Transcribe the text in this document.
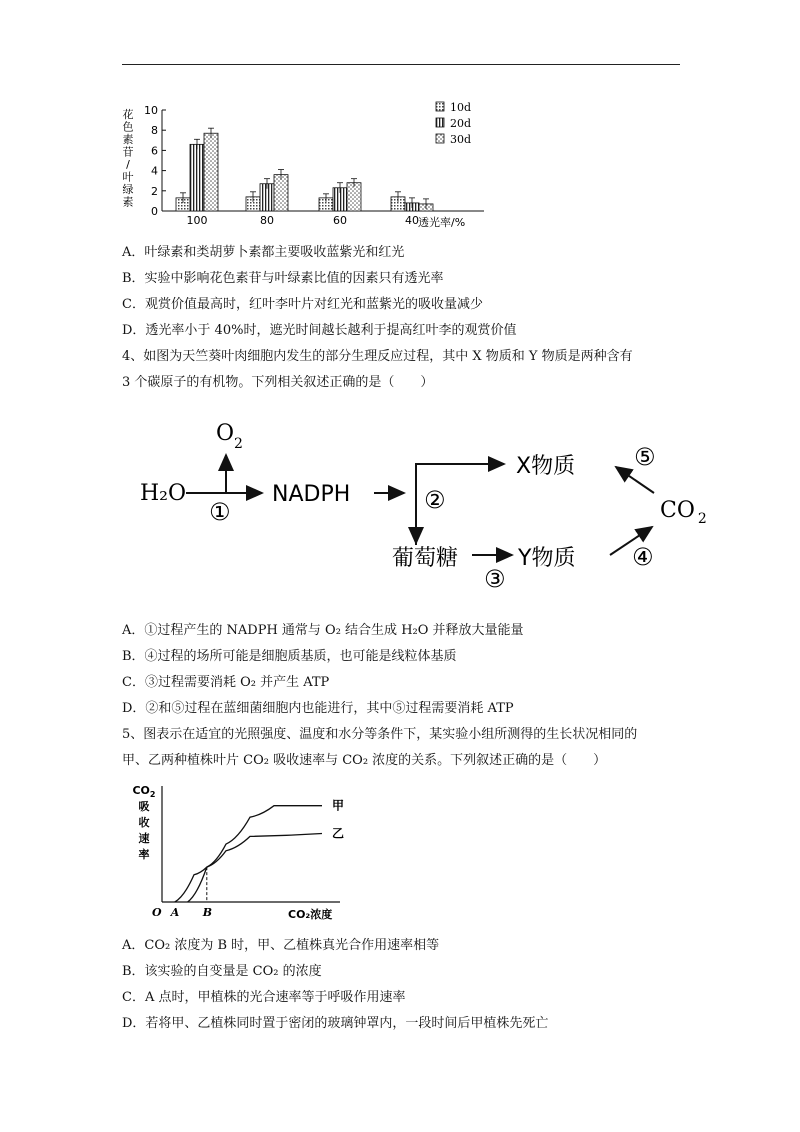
0
2
4
6
8
10
花色素苷/叶绿素
透光率/%
100	80	60	40
10d
20d
30d
A．叶绿素和类胡萝卜素都主要吸收蓝紫光和红光
B．实验中影响花色素苷与叶绿素比值的因素只有透光率
C．观赏价值最高时，红叶李叶片对红光和蓝紫光的吸收量减少
D．透光率小于 40%时，遮光时间越长越利于提高红叶李的观赏价值
4、如图为天竺葵叶肉细胞内发生的部分生理反应过程，其中 X 物质和 Y 物质是两种含有
3 个碳原子的有机物。下列相关叙述正确的是（　　）
H₂O
$O_2$
①
NADPH	②
X物质
葡萄糖
③
Y物质
CO $_2$
⑤
④
A．①过程产生的 NADPH 通常与 O₂ 结合生成 H₂O 并释放大量能量
B．④过程的场所可能是细胞质基质，也可能是线粒体基质
C．③过程需要消耗 O₂ 并产生 ATP
D．②和⑤过程在蓝细菌细胞内也能进行，其中⑤过程需要消耗 ATP
5、图表示在适宜的光照强度、温度和水分等条件下，某实验小组所测得的生长状况相同的
甲、乙两种植株叶片 CO₂ 吸收速率与 CO₂ 浓度的关系。下列叙述正确的是（　　）
$CO_2$ 吸收速率
CO₂浓度
O
甲
乙
A B
A．CO₂ 浓度为 B 时，甲、乙植株真光合作用速率相等
B．该实验的自变量是 CO₂ 的浓度
C．A 点时，甲植株的光合速率等于呼吸作用速率
D．若将甲、乙植株同时置于密闭的玻璃钟罩内，一段时间后甲植株先死亡
